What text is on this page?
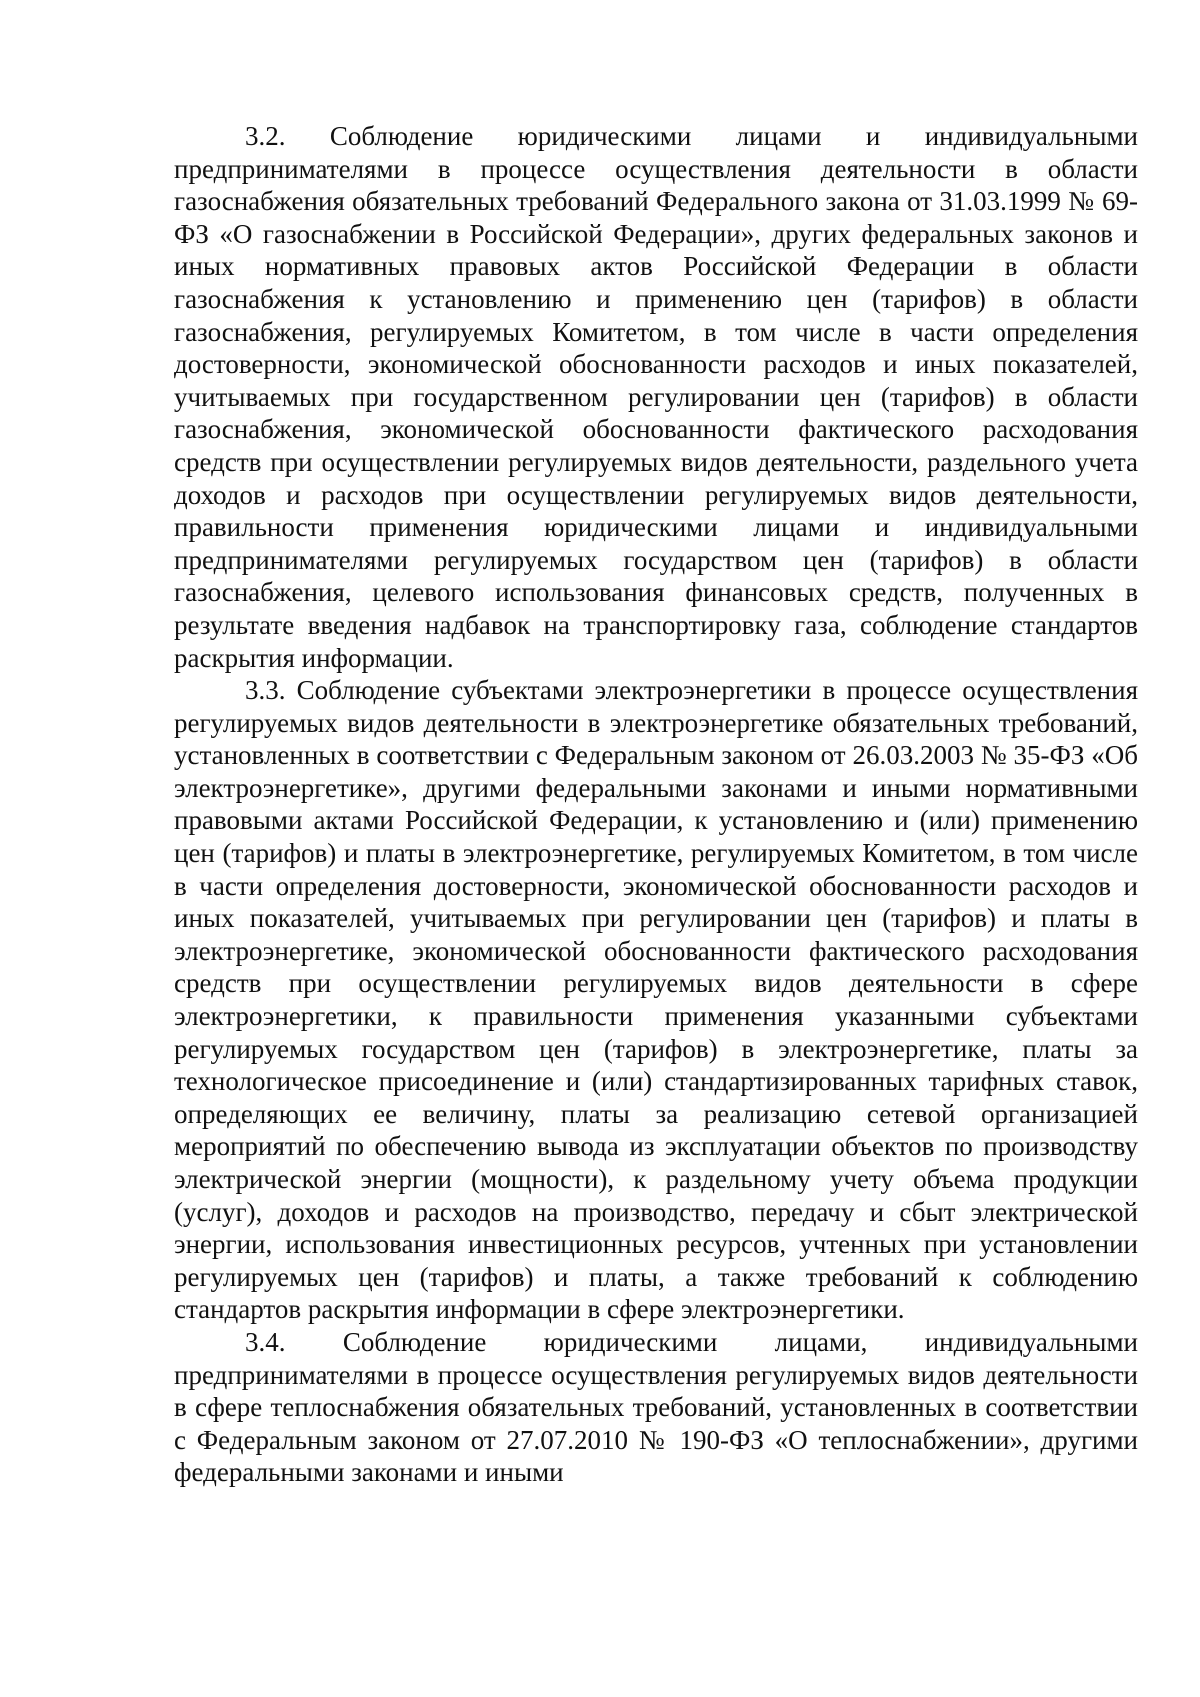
3.2. Соблюдение юридическими лицами и индивидуальными предпринимателями в процессе осуществления деятельности в области газоснабжения обязательных требований Федерального закона от 31.03.1999 № 69-ФЗ «О газоснабжении в Российской Федерации», других федеральных законов и иных нормативных правовых актов Российской Федерации в области газоснабжения к установлению и применению цен (тарифов) в области газоснабжения, регулируемых Комитетом, в том числе в части определения достоверности, экономической обоснованности расходов и иных показателей, учитываемых при государственном регулировании цен (тарифов) в области газоснабжения, экономической обоснованности фактического расходования средств при осуществлении регулируемых видов деятельности, раздельного учета доходов и расходов при осуществлении регулируемых видов деятельности, правильности применения юридическими лицами и индивидуальными предпринимателями регулируемых государством цен (тарифов) в области газоснабжения, целевого использования финансовых средств, полученных в результате введения надбавок на транспортировку газа, соблюдение стандартов раскрытия информации.

3.3. Соблюдение субъектами электроэнергетики в процессе осуществления регулируемых видов деятельности в электроэнергетике обязательных требований, установленных в соответствии с Федеральным законом от 26.03.2003 № 35-ФЗ «Об электроэнергетике», другими федеральными законами и иными нормативными правовыми актами Российской Федерации, к установлению и (или) применению цен (тарифов) и платы в электроэнергетике, регулируемых Комитетом, в том числе в части определения достоверности, экономической обоснованности расходов и иных показателей, учитываемых при регулировании цен (тарифов) и платы в электроэнергетике, экономической обоснованности фактического расходования средств при осуществлении регулируемых видов деятельности в сфере электроэнергетики, к правильности применения указанными субъектами регулируемых государством цен (тарифов) в электроэнергетике, платы за технологическое присоединение и (или) стандартизированных тарифных ставок, определяющих ее величину, платы за реализацию сетевой организацией мероприятий по обеспечению вывода из эксплуатации объектов по производству электрической энергии (мощности), к раздельному учету объема продукции (услуг), доходов и расходов на производство, передачу и сбыт электрической энергии, использования инвестиционных ресурсов, учтенных при установлении регулируемых цен (тарифов) и платы, а также требований к соблюдению стандартов раскрытия информации в сфере электроэнергетики.

3.4. Соблюдение юридическими лицами, индивидуальными предпринимателями в процессе осуществления регулируемых видов деятельности в сфере теплоснабжения обязательных требований, установленных в соответствии с Федеральным законом от 27.07.2010 № 190-ФЗ «О теплоснабжении», другими федеральными законами и иными
